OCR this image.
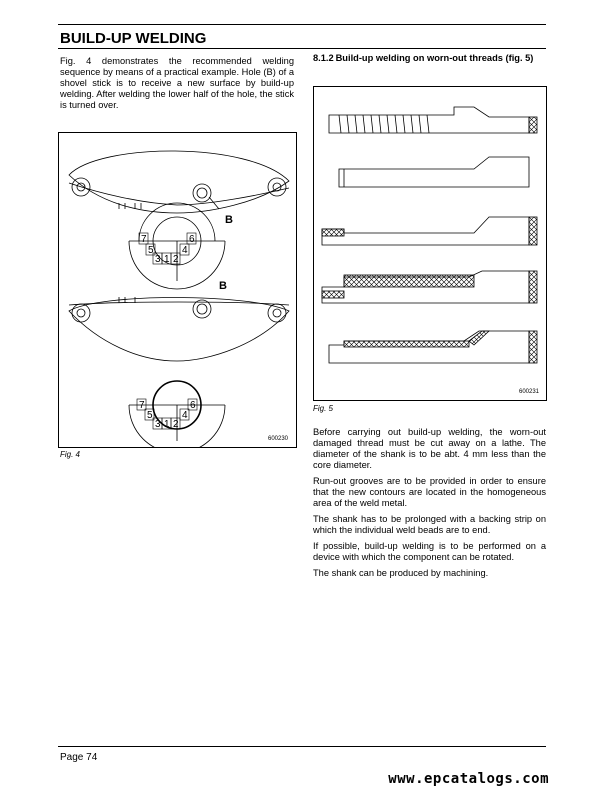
BUILD-UP WELDING

Fig. 4 demonstrates the recommended welding sequence by means of a practical example. Hole (B) of a shovel stick is to receive a new surface by build-up welding. After welding the lower half of the hole, the stick is turned over.

7
5
3 1 2
4
6
7
5
3 1 2
4
6
B
B
600230
Fig. 4
8.1.2 Build-up welding on worn-out threads (fig. 5)
600231
Fig. 5

Before carrying out build-up welding, the worn-out damaged thread must be cut away on a lathe. The diameter of the shank is to be abt. 4 mm less than the core diameter.

Run-out grooves are to be provided in order to ensure that the new contours are located in the homogeneous area of the weld metal.

The shank has to be prolonged with a backing strip on which the individual weld beads are to end.

If possible, build-up welding is to be performed on a device with which the component can be rotated.

The shank can be produced by machining.

Page 74
www.epcatalogs.com
